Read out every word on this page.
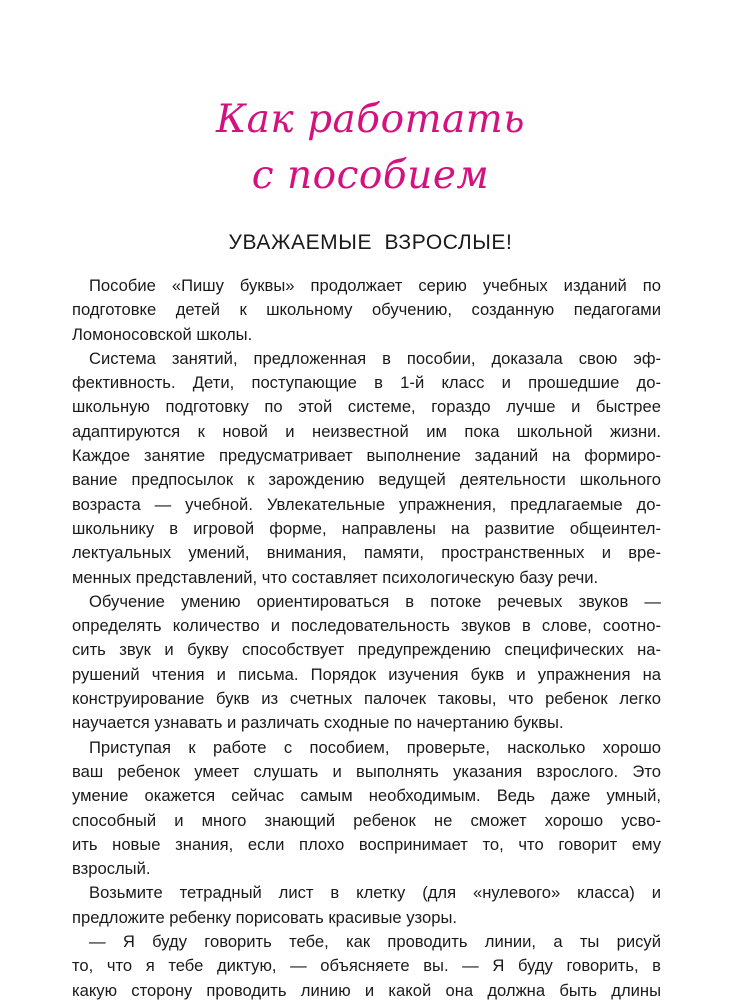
Как работать
с пособием
УВАЖАЕМЫЕ ВЗРОСЛЫЕ!

Пособие «Пишу буквы» продолжает серию учебных изданий по
подготовке детей к школьному обучению, созданную педагогами
Ломоносовской школы.

Система занятий, предложенная в пособии, доказала свою эф-
фективность. Дети, поступающие в 1-й класс и прошедшие до-
школьную подготовку по этой системе, гораздо лучше и быстрее
адаптируются к новой и неизвестной им пока школьной жизни.
Каждое занятие предусматривает выполнение заданий на формиро-
вание предпосылок к зарождению ведущей деятельности школьного
возраста — учебной. Увлекательные упражнения, предлагаемые до-
школьнику в игровой форме, направлены на развитие общеинтел-
лектуальных умений, внимания, памяти, пространственных и вре-
менных представлений, что составляет психологическую базу речи.

Обучение умению ориентироваться в потоке речевых звуков —
определять количество и последовательность звуков в слове, соотно-
сить звук и букву способствует предупреждению специфических на-
рушений чтения и письма. Порядок изучения букв и упражнения на
конструирование букв из счетных палочек таковы, что ребенок легко
научается узнавать и различать сходные по начертанию буквы.

Приступая к работе с пособием, проверьте, насколько хорошо
ваш ребенок умеет слушать и выполнять указания взрослого. Это
умение окажется сейчас самым необходимым. Ведь даже умный,
способный и много знающий ребенок не сможет хорошо усво-
ить новые знания, если плохо воспринимает то, что говорит ему
взрослый.

Возьмите тетрадный лист в клетку (для «нулевого» класса) и
предложите ребенку порисовать красивые узоры.

— Я буду говорить тебе, как проводить линии, а ты рисуй
то, что я тебе диктую, — объясняете вы. — Я буду говорить, в
какую сторону проводить линию и какой она должна быть длины
